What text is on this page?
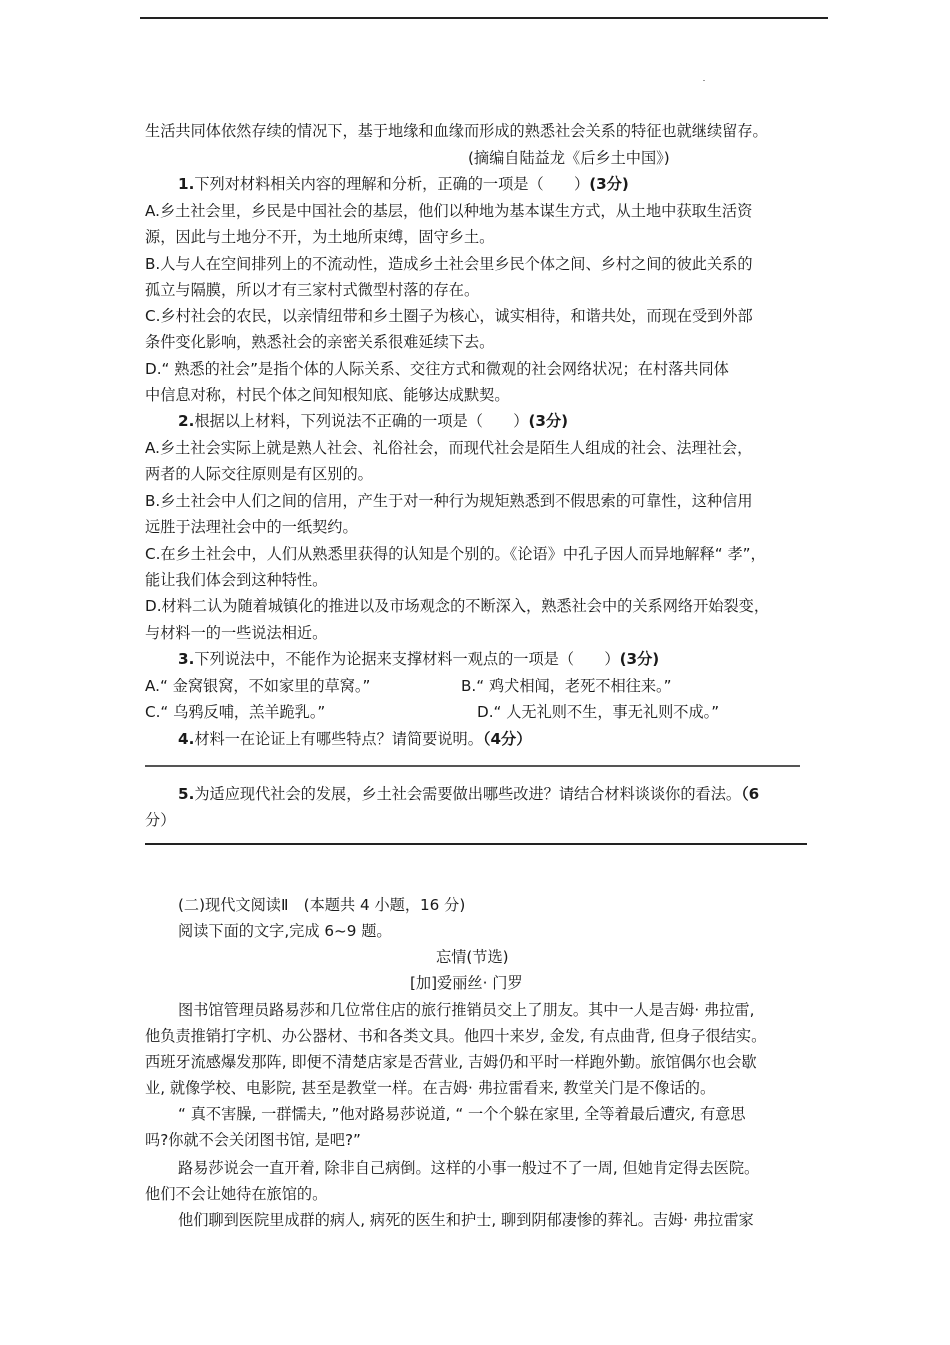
生活共同体依然存续的情况下，基于地缘和血缘而形成的熟悉社会关系的特征也就继续留存。
(摘编自陆益龙《后乡土中国》)
1.下列对材料相关内容的理解和分析，正确的一项是（　　）(3分)
A.乡土社会里，乡民是中国社会的基层，他们以种地为基本谋生方式，从土地中获取生活资
源，因此与土地分不开，为土地所束缚，固守乡土。
B.人与人在空间排列上的不流动性，造成乡土社会里乡民个体之间、乡村之间的彼此关系的
孤立与隔膜，所以才有三家村式微型村落的存在。
C.乡村社会的农民，以亲情纽带和乡土圈子为核心，诚实相待，和谐共处，而现在受到外部
条件变化影响，熟悉社会的亲密关系很难延续下去。
D.“ 熟悉的社会”是指个体的人际关系、交往方式和微观的社会网络状况；在村落共同体
中信息对称，村民个体之间知根知底、能够达成默契。
2.根据以上材料，下列说法不正确的一项是（　　）(3分)
A.乡土社会实际上就是熟人社会、礼俗社会，而现代社会是陌生人组成的社会、法理社会，
两者的人际交往原则是有区别的。
B.乡土社会中人们之间的信用，产生于对一种行为规矩熟悉到不假思索的可靠性，这种信用
远胜于法理社会中的一纸契约。
C.在乡土社会中，人们从熟悉里获得的认知是个别的。《论语》中孔子因人而异地解释“ 孝”，
能让我们体会到这种特性。
D.材料二认为随着城镇化的推进以及市场观念的不断深入，熟悉社会中的关系网络开始裂变，
与材料一的一些说法相近。
3.下列说法中，不能作为论据来支撑材料一观点的一项是（　　）(3分)
A.“ 金窝银窝，不如家里的草窝。”	B.“ 鸡犬相闻，老死不相往来。”
C.“ 乌鸦反哺，羔羊跪乳。”	D.“ 人无礼则不生，事无礼则不成。”
4.材料一在论证上有哪些特点？请简要说明。（4分）
5.为适应现代社会的发展，乡土社会需要做出哪些改进？请结合材料谈谈你的看法。（6
分）
(二)现代文阅读Ⅱ　(本题共 4 小题，16 分)
阅读下面的文字,完成 6~9 题。
忘情(节选)
[加]爱丽丝· 门罗
图书馆管理员路易莎和几位常住店的旅行推销员交上了朋友。其中一人是吉姆· 弗拉雷,
他负责推销打字机、办公器材、书和各类文具。他四十来岁, 金发, 有点曲背, 但身子很结实。
西班牙流感爆发那阵, 即便不清楚店家是否营业, 吉姆仍和平时一样跑外勤。旅馆偶尔也会歇
业, 就像学校、电影院, 甚至是教堂一样。在吉姆· 弗拉雷看来, 教堂关门是不像话的。
“ 真不害臊, 一群懦夫, ”他对路易莎说道, “ 一个个躲在家里, 全等着最后遭灾, 有意思
吗?你就不会关闭图书馆, 是吧?”
路易莎说会一直开着, 除非自己病倒。这样的小事一般过不了一周, 但她肯定得去医院。
他们不会让她待在旅馆的。
他们聊到医院里成群的病人, 病死的医生和护士, 聊到阴郁凄惨的葬礼。吉姆· 弗拉雷家
